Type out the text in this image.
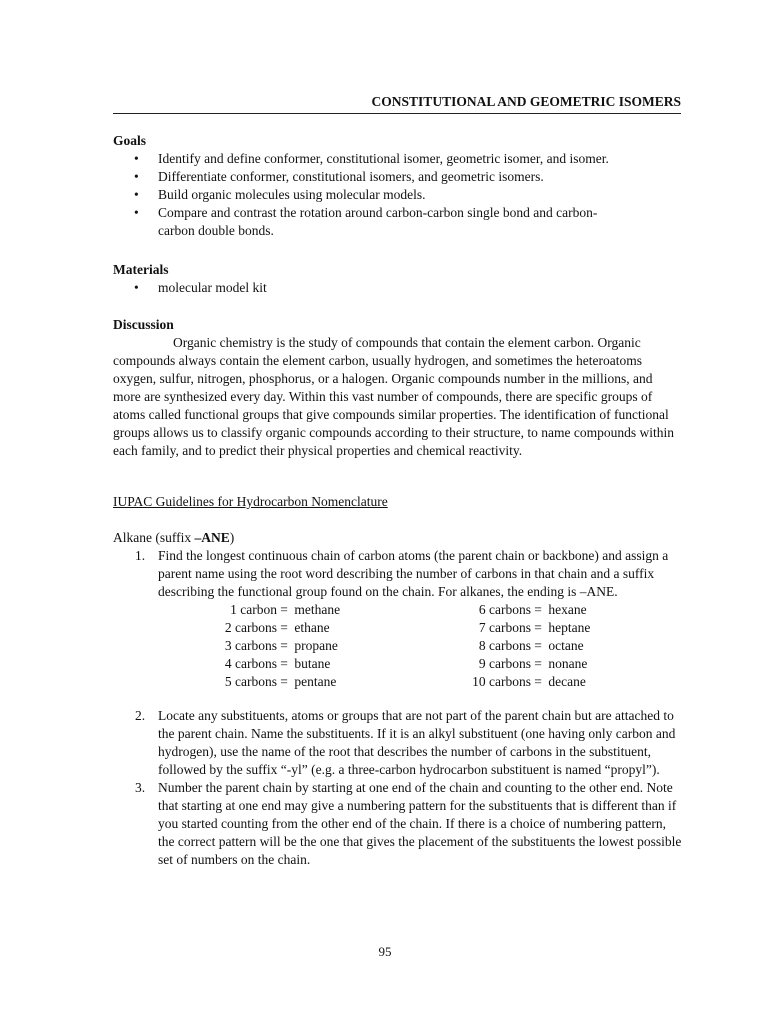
CONSTITUTIONAL AND GEOMETRIC ISOMERS
Goals
• Identify and define conformer, constitutional isomer, geometric isomer, and isomer.
• Differentiate conformer, constitutional isomers, and geometric isomers.
• Build organic molecules using molecular models.
• Compare and contrast the rotation around carbon-carbon single bond and carbon-carbon double bonds.
Materials
• molecular model kit
Discussion

Organic chemistry is the study of compounds that contain the element carbon. Organic compounds always contain the element carbon, usually hydrogen, and sometimes the heteroatoms oxygen, sulfur, nitrogen, phosphorus, or a halogen. Organic compounds number in the millions, and more are synthesized every day. Within this vast number of compounds, there are specific groups of atoms called functional groups that give compounds similar properties. The identification of functional groups allows us to classify organic compounds according to their structure, to name compounds within each family, and to predict their physical properties and chemical reactivity.

IUPAC Guidelines for Hydrocarbon Nomenclature
Alkane (suffix –ANE)
1. Find the longest continuous chain of carbon atoms (the parent chain or backbone) and assign a parent name using the root word describing the number of carbons in that chain and a suffix describing the functional group found on the chain. For alkanes, the ending is –ANE.
1 carbon = methane
2 carbons = ethane
3 carbons = propane
4 carbons = butane
5 carbons = pentane
6 carbons = hexane
7 carbons = heptane
8 carbons = octane
9 carbons = nonane
10 carbons = decane
2. Locate any substituents, atoms or groups that are not part of the parent chain but are attached to the parent chain. Name the substituents. If it is an alkyl substituent (one having only carbon and hydrogen), use the name of the root that describes the number of carbons in the substituent, followed by the suffix “-yl” (e.g. a three-carbon hydrocarbon substituent is named “propyl”).
3. Number the parent chain by starting at one end of the chain and counting to the other end. Note that starting at one end may give a numbering pattern for the substituents that is different than if you started counting from the other end of the chain. If there is a choice of numbering pattern, the correct pattern will be the one that gives the placement of the substituents the lowest possible set of numbers on the chain.
95
